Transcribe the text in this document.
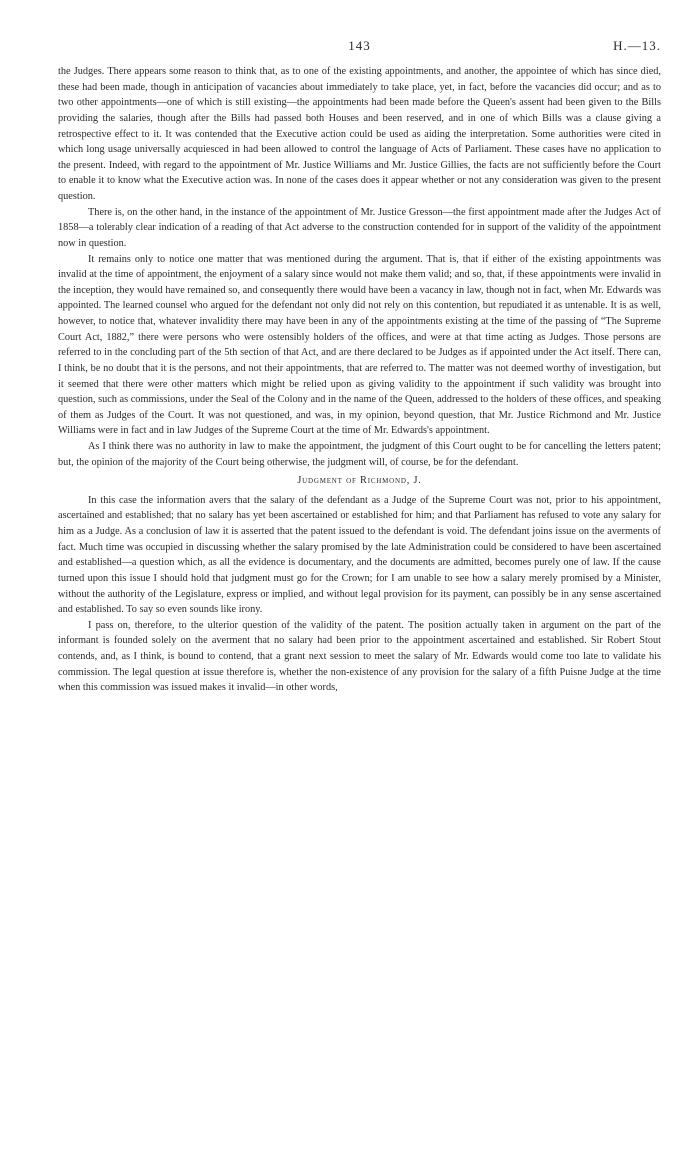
143	H.—13.

the Judges. There appears some reason to think that, as to one of the existing appointments, and another, the appointee of which has since died, these had been made, though in anticipation of vacancies about immediately to take place, yet, in fact, before the vacancies did occur; and as to two other appointments—one of which is still existing—the appointments had been made before the Queen's assent had been given to the Bills providing the salaries, though after the Bills had passed both Houses and been reserved, and in one of which Bills was a clause giving a retrospective effect to it. It was contended that the Executive action could be used as aiding the interpretation. Some authorities were cited in which long usage universally acquiesced in had been allowed to control the language of Acts of Parliament. These cases have no application to the present. Indeed, with regard to the appointment of Mr. Justice Williams and Mr. Justice Gillies, the facts are not sufficiently before the Court to enable it to know what the Executive action was. In none of the cases does it appear whether or not any consideration was given to the present question.

There is, on the other hand, in the instance of the appointment of Mr. Justice Gresson—the first appointment made after the Judges Act of 1858—a tolerably clear indication of a reading of that Act adverse to the construction contended for in support of the validity of the appointment now in question.

It remains only to notice one matter that was mentioned during the argument. That is, that if either of the existing appointments was invalid at the time of appointment, the enjoyment of a salary since would not make them valid; and so, that, if these appointments were invalid in the inception, they would have remained so, and consequently there would have been a vacancy in law, though not in fact, when Mr. Edwards was appointed. The learned counsel who argued for the defendant not only did not rely on this contention, but repudiated it as untenable. It is as well, however, to notice that, whatever invalidity there may have been in any of the appointments existing at the time of the passing of “The Supreme Court Act, 1882,” there were persons who were ostensibly holders of the offices, and were at that time acting as Judges. Those persons are referred to in the concluding part of the 5th section of that Act, and are there declared to be Judges as if appointed under the Act itself. There can, I think, be no doubt that it is the persons, and not their appointments, that are referred to. The matter was not deemed worthy of investigation, but it seemed that there were other matters which might be relied upon as giving validity to the appointment if such validity was brought into question, such as commissions, under the Seal of the Colony and in the name of the Queen, addressed to the holders of these offices, and speaking of them as Judges of the Court. It was not questioned, and was, in my opinion, beyond question, that Mr. Justice Richmond and Mr. Justice Williams were in fact and in law Judges of the Supreme Court at the time of Mr. Edwards's appointment.

As I think there was no authority in law to make the appointment, the judgment of this Court ought to be for cancelling the letters patent; but, the opinion of the majority of the Court being otherwise, the judgment will, of course, be for the defendant.

Judgment of Richmond, J.

In this case the information avers that the salary of the defendant as a Judge of the Supreme Court was not, prior to his appointment, ascertained and established; that no salary has yet been ascertained or established for him; and that Parliament has refused to vote any salary for him as a Judge. As a conclusion of law it is asserted that the patent issued to the defendant is void. The defendant joins issue on the averments of fact. Much time was occupied in discussing whether the salary promised by the late Administration could be considered to have been ascertained and established—a question which, as all the evidence is documentary, and the documents are admitted, becomes purely one of law. If the cause turned upon this issue I should hold that judgment must go for the Crown; for I am unable to see how a salary merely promised by a Minister, without the authority of the Legislature, express or implied, and without legal provision for its payment, can possibly be in any sense ascertained and established. To say so even sounds like irony.

I pass on, therefore, to the ulterior question of the validity of the patent. The position actually taken in argument on the part of the informant is founded solely on the averment that no salary had been prior to the appointment ascertained and established. Sir Robert Stout contends, and, as I think, is bound to contend, that a grant next session to meet the salary of Mr. Edwards would come too late to validate his commission. The legal question at issue therefore is, whether the non-existence of any provision for the salary of a fifth Puisne Judge at the time when this commission was issued makes it invalid—in other words,
